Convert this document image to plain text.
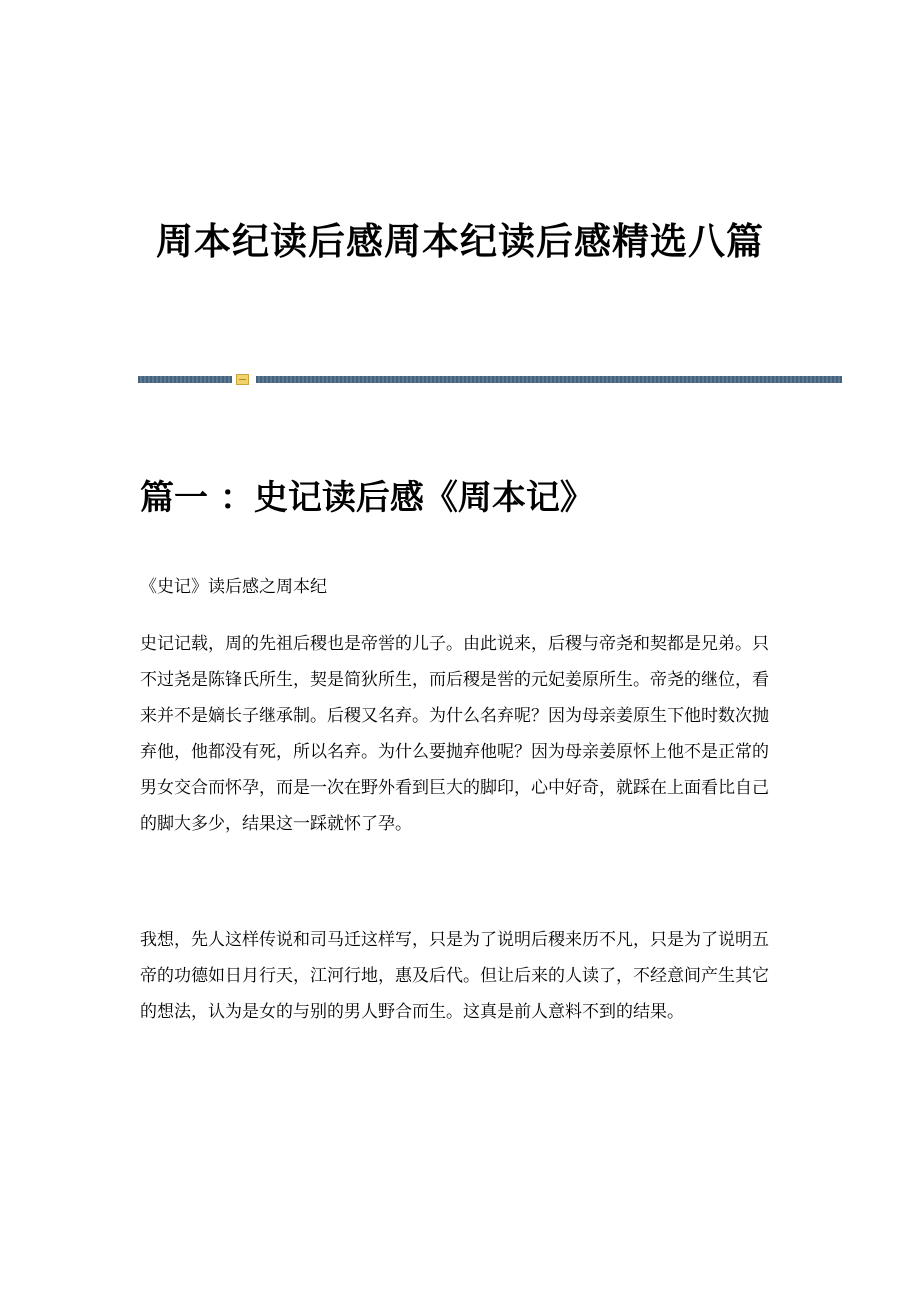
周本纪读后感周本纪读后感精选八篇
篇一 ：史记读后感《周本记》

《史记》读后感之周本纪

史记记载，周的先祖后稷也是帝喾的儿子。由此说来，后稷与帝尧和契都是兄弟。只不过尧是陈锋氏所生，契是简狄所生，而后稷是喾的元妃姜原所生。帝尧的继位，看来并不是嫡长子继承制。后稷又名弃。为什么名弃呢？因为母亲姜原生下他时数次抛弃他，他都没有死，所以名弃。为什么要抛弃他呢？因为母亲姜原怀上他不是正常的男女交合而怀孕，而是一次在野外看到巨大的脚印，心中好奇，就踩在上面看比自己的脚大多少，结果这一踩就怀了孕。

我想，先人这样传说和司马迁这样写，只是为了说明后稷来历不凡，只是为了说明五帝的功德如日月行天，江河行地，惠及后代。但让后来的人读了，不经意间产生其它的想法，认为是女的与别的男人野合而生。这真是前人意料不到的结果。
